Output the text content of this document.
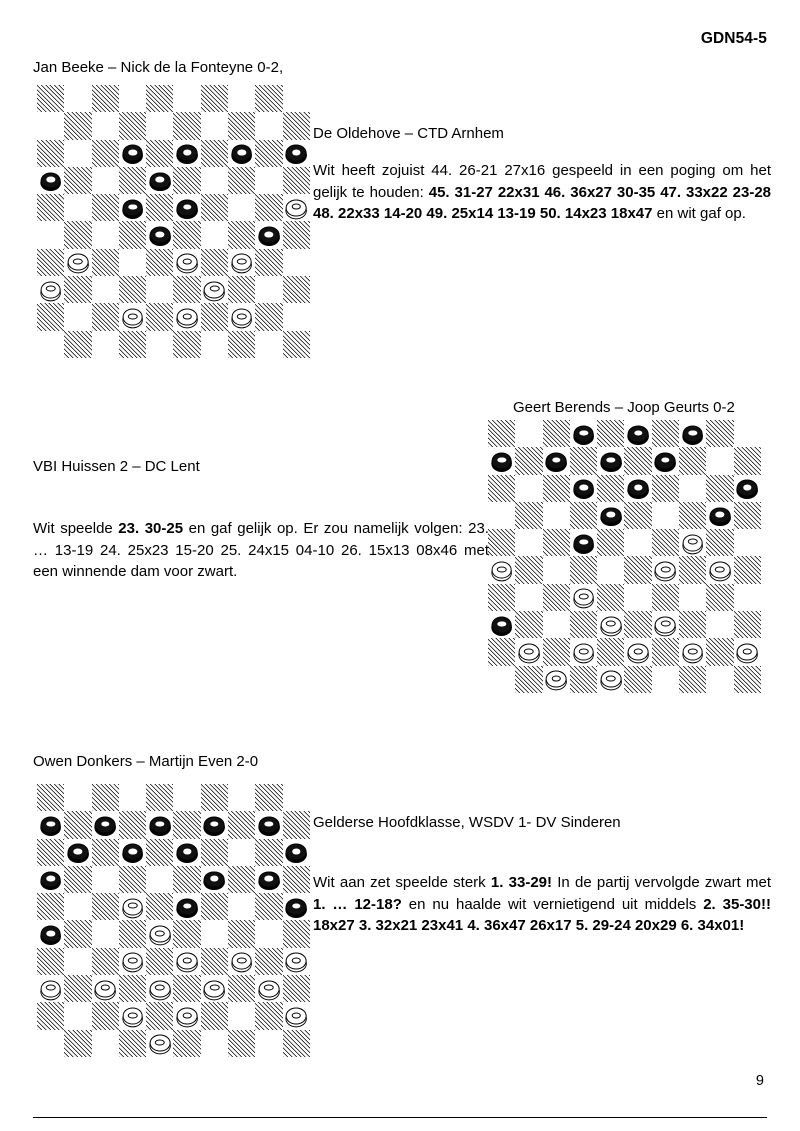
GDN54-5
Jan Beeke – Nick de la Fonteyne 0-2,
De Oldehove – CTD Arnhem
Wit heeft zojuist 44. 26-21 27x16 gespeeld in een poging om het gelijk te houden: 45. 31-27 22x31 46. 36x27 30-35 47. 33x22 23-28 48. 22x33 14-20 49. 25x14 13-19 50. 14x23 18x47 en wit gaf op.
Geert Berends – Joop Geurts 0-2
VBI Huissen 2 – DC Lent
Wit speelde 23. 30-25 en gaf gelijk op. Er zou namelijk volgen: 23. … 13-19 24. 25x23 15-20 25. 24x15 04-10 26. 15x13 08x46 met een winnende dam voor zwart.
Owen Donkers – Martijn Even 2-0
Gelderse Hoofdklasse, WSDV 1- DV Sinderen
Wit aan zet speelde sterk 1. 33-29! In de partij vervolgde zwart met 1. … 12-18? en nu haalde wit vernietigend uit middels 2. 35-30!! 18x27 3. 32x21 23x41 4. 36x47 26x17 5. 29-24 20x29 6. 34x01!
9
